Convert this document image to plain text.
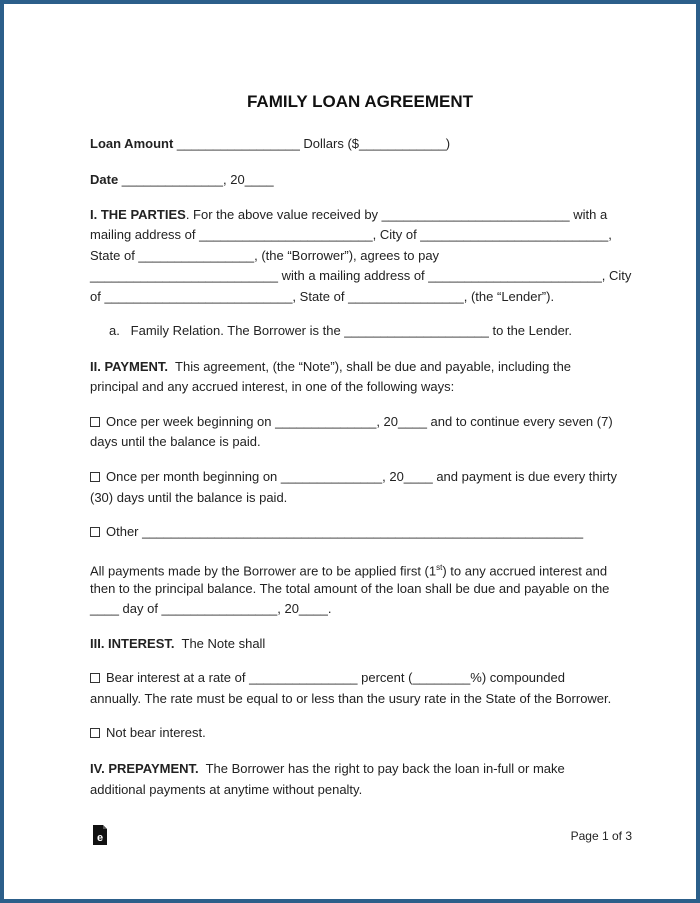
FAMILY LOAN AGREEMENT
Loan Amount _________________ Dollars ($____________)
Date ______________, 20____
I. THE PARTIES. For the above value received by __________________________ with a
mailing address of ________________________, City of __________________________,
State of ________________, (the “Borrower”), agrees to pay
__________________________ with a mailing address of ________________________, City
of __________________________, State of ________________, (the “Lender”).
a.   Family Relation. The Borrower is the ____________________ to the Lender.
II. PAYMENT.  This agreement, (the “Note”), shall be due and payable, including the
principal and any accrued interest, in one of the following ways:
Once per week beginning on ______________, 20____ and to continue every seven (7)
days until the balance is paid.
Once per month beginning on ______________, 20____ and payment is due every thirty
(30) days until the balance is paid.
Other _____________________________________________________________
All payments made by the Borrower are to be applied first (1st) to any accrued interest and
then to the principal balance. The total amount of the loan shall be due and payable on the
____ day of ________________, 20____.
III. INTEREST.  The Note shall
Bear interest at a rate of _______________ percent (________%) compounded
annually. The rate must be equal to or less than the usury rate in the State of the Borrower.
Not bear interest.
IV. PREPAYMENT.  The Borrower has the right to pay back the loan in-full or make
additional payments at anytime without penalty.
e	Page 1 of 3
